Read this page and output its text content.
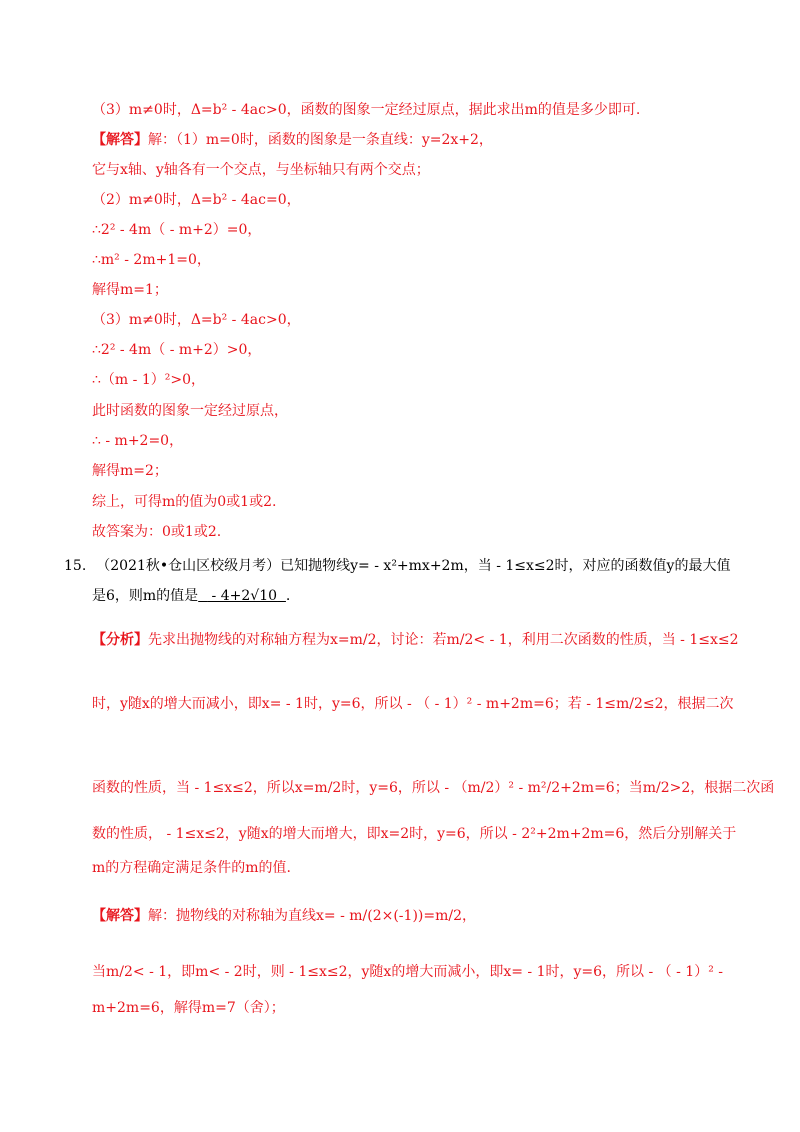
（3）m≠0时，Δ=b² - 4ac>0，函数的图象一定经过原点，据此求出m的值是多少即可.
【解答】解：（1）m=0时，函数的图象是一条直线：y=2x+2，
它与x轴、y轴各有一个交点，与坐标轴只有两个交点；
（2）m≠0时，Δ=b² - 4ac=0，
∴2² - 4m（ - m+2）=0，
∴m² - 2m+1=0，
解得m=1；
（3）m≠0时，Δ=b² - 4ac>0，
∴2² - 4m（ - m+2）>0，
∴（m - 1）²>0，
此时函数的图象一定经过原点，
∴ - m+2=0，
解得m=2；
综上，可得m的值为0或1或2.
故答案为：0或1或2.
15. （2021秋•仓山区校级月考）已知抛物线y= - x²+mx+2m，当 - 1≤x≤2时，对应的函数值y的最大值
是6，则m的值是   - 4+2√10 .
【分析】先求出抛物线的对称轴方程为x=m/2，讨论：若m/2< - 1，利用二次函数的性质，当 - 1≤x≤2
时，y随x的增大而减小，即x= - 1时，y=6，所以 - （ - 1）² - m+2m=6；若 - 1≤m/2≤2，根据二次
函数的性质，当 - 1≤x≤2，所以x=m/2时，y=6，所以 - （m/2）² - m²/2+2m=6；当m/2>2，根据二次函
数的性质， - 1≤x≤2，y随x的增大而增大，即x=2时，y=6，所以 - 2²+2m+2m=6，然后分别解关于
m的方程确定满足条件的m的值.
【解答】解：抛物线的对称轴为直线x= - m/(2×(-1))=m/2，
当m/2< - 1，即m< - 2时，则 - 1≤x≤2，y随x的增大而减小，即x= - 1时，y=6，所以 - （ - 1）² -
m+2m=6，解得m=7（舍）；
